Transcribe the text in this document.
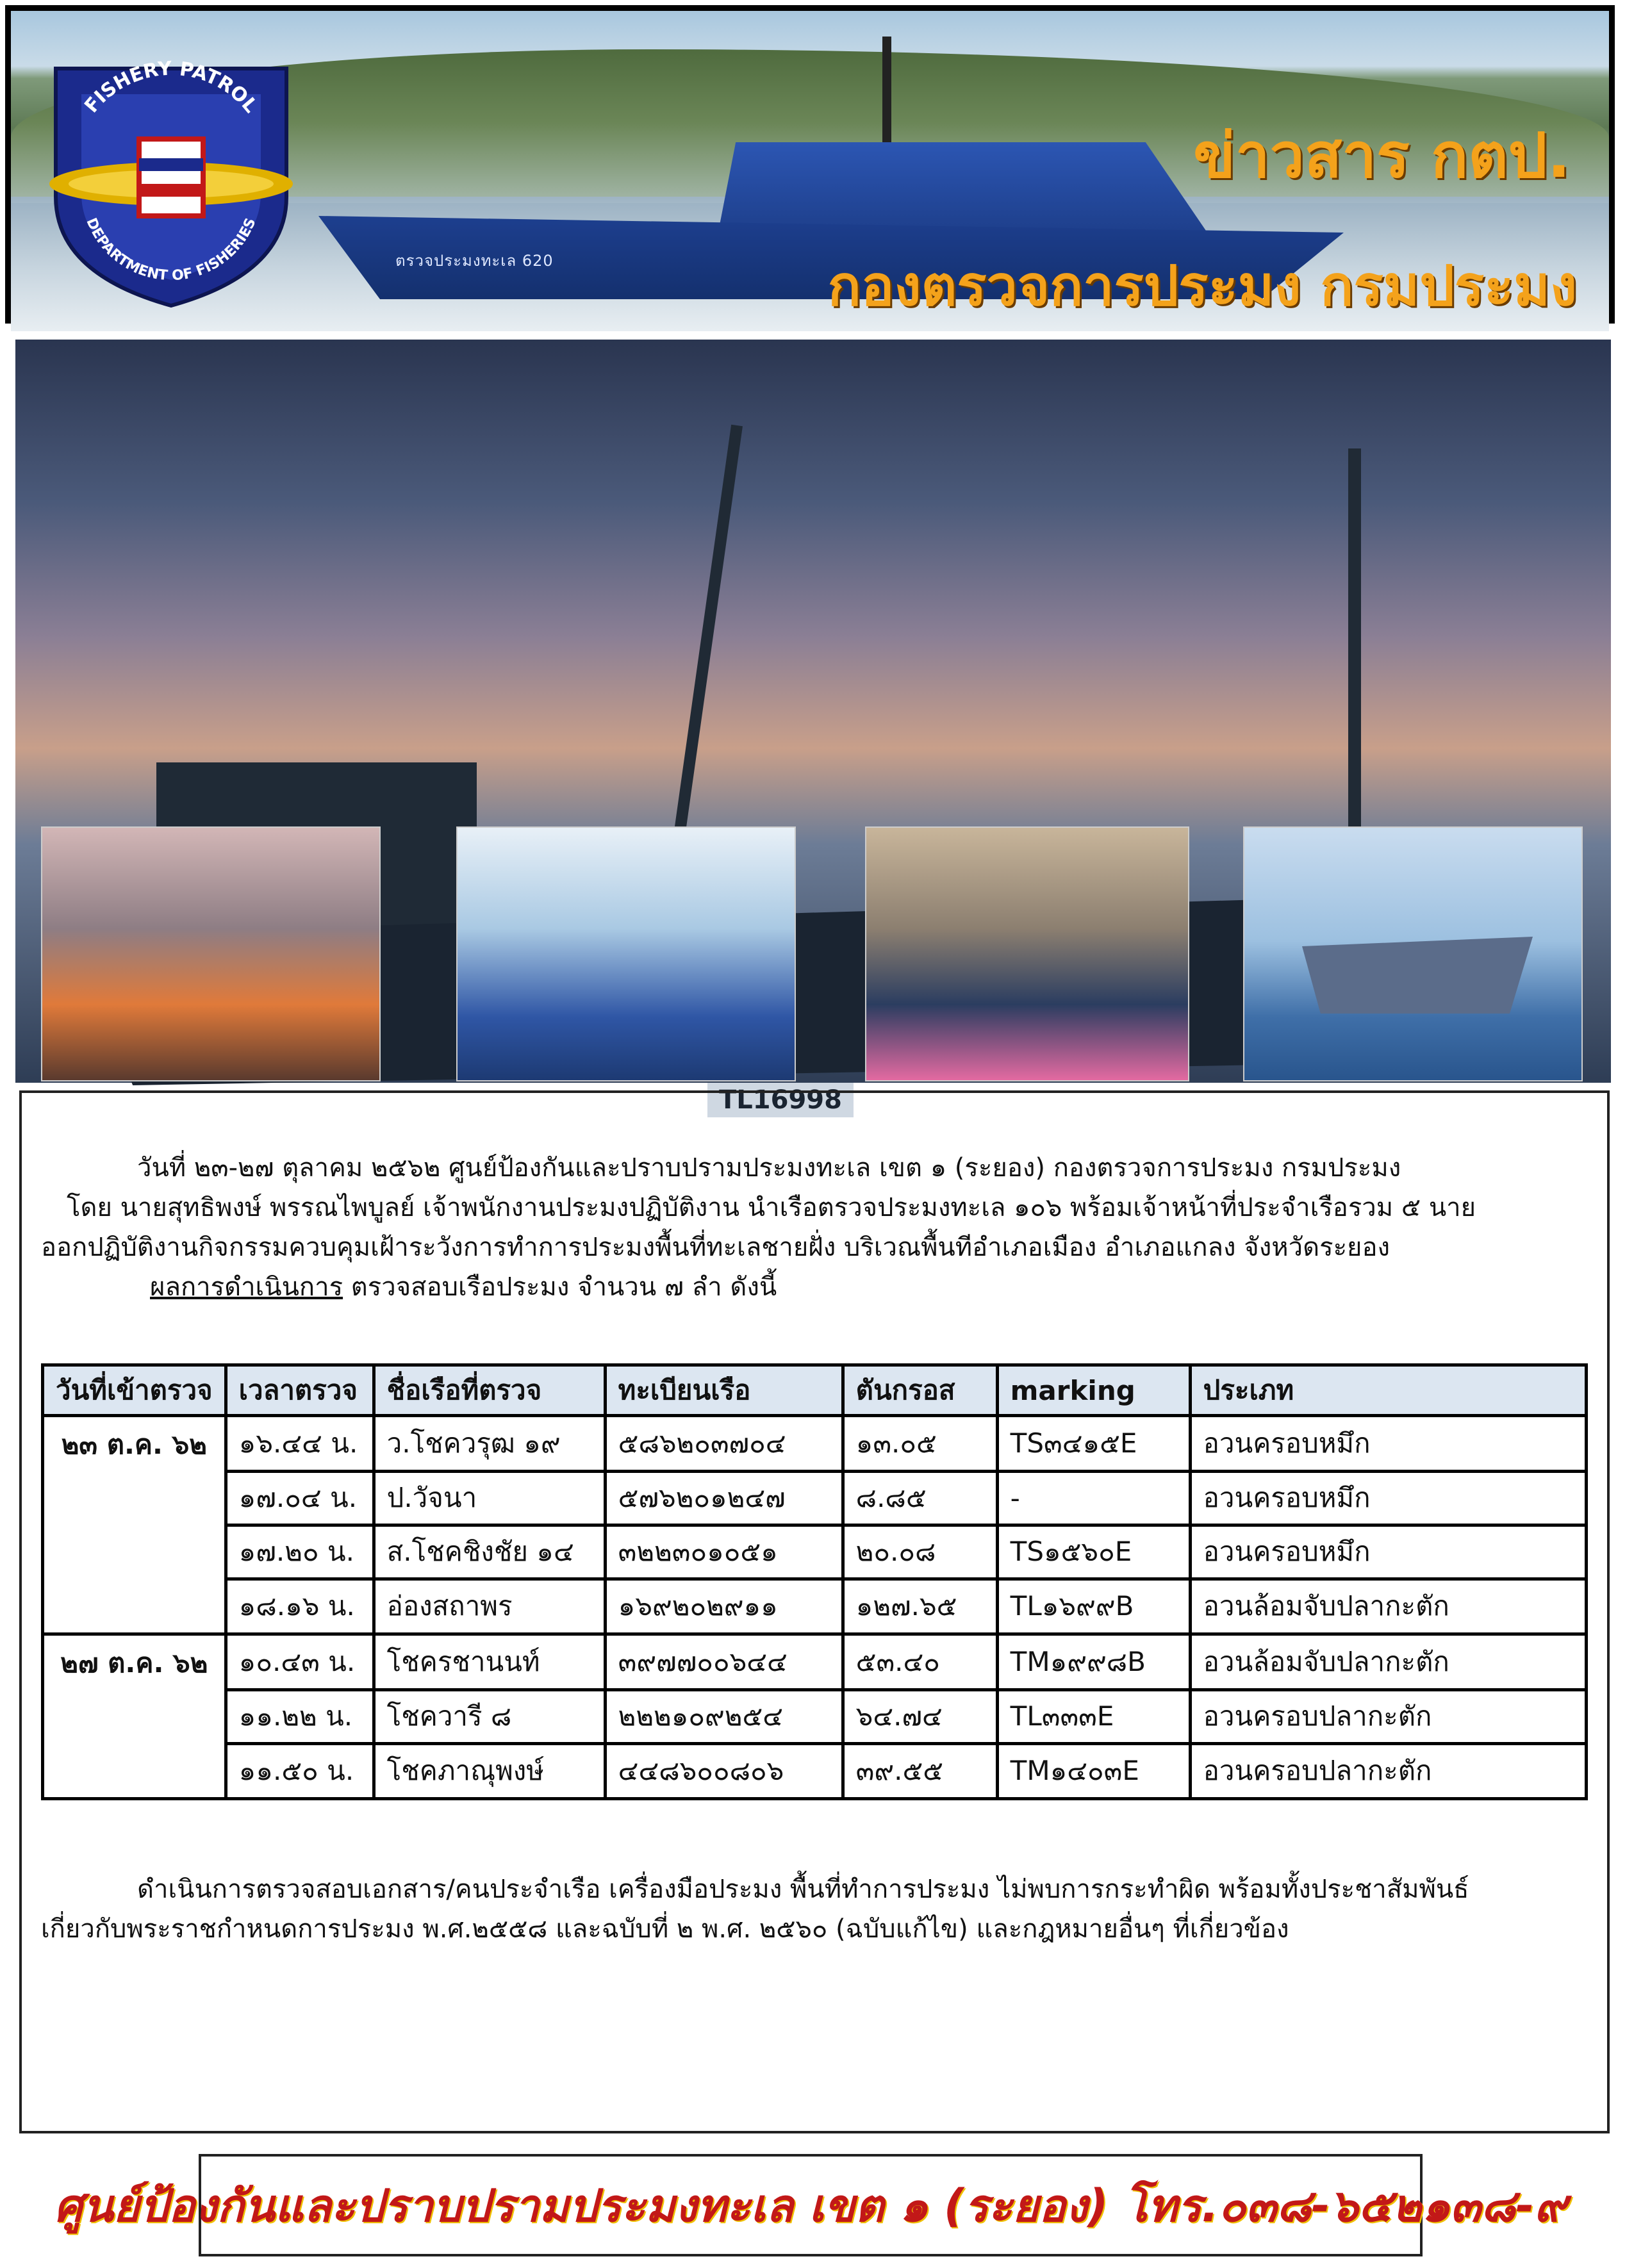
ตรวจประมงทะเล 620
FISHERY PATROL
DEPARTMENT OF FISHERIES
ข่าวสาร กตป.
กองตรวจการประมง กรมประมง
TL16998
วันที่ ๒๓-๒๗ ตุลาคม ๒๕๖๒ ศูนย์ป้องกันและปราบปรามประมงทะเล เขต ๑ (ระยอง) กองตรวจการประมง กรมประมง
โดย นายสุทธิพงษ์ พรรณไพบูลย์ เจ้าพนักงานประมงปฏิบัติงาน นำเรือตรวจประมงทะเล ๑๐๖ พร้อมเจ้าหน้าที่ประจำเรือรวม ๕ นาย
ออกปฏิบัติงานกิจกรรมควบคุมเฝ้าระวังการทำการประมงพื้นที่ทะเลชายฝั่ง บริเวณพื้นทีอำเภอเมือง อำเภอแกลง จังหวัดระยอง
ผลการดำเนินการ ตรวจสอบเรือประมง จำนวน ๗ ลำ ดังนี้
วันที่เข้าตรวจ	เวลาตรวจ	ชื่อเรือที่ตรวจ	ทะเบียนเรือ	ตันกรอส	marking	ประเภท
๒๓ ต.ค. ๖๒	๑๖.๔๔ น.	ว.โชควรุฒ ๑๙	๕๘๖๒๐๓๗๐๔	๑๓.๐๕	TS๓๔๑๕E	อวนครอบหมึก
	๑๗.๐๔ น.	ป.วัจนา	๕๗๖๒๐๑๒๔๗	๘.๘๕	-	อวนครอบหมึก
	๑๗.๒๐ น.	ส.โชคชิงชัย ๑๔	๓๒๒๓๐๑๐๕๑	๒๐.๐๘	TS๑๕๖๐E	อวนครอบหมึก
	๑๘.๑๖ น.	อ่องสถาพร	๑๖๙๒๐๒๙๑๑	๑๒๗.๖๕	TL๑๖๙๙B	อวนล้อมจับปลากะตัก
๒๗ ต.ค. ๖๒	๑๐.๔๓ น.	โชครชานนท์	๓๙๗๗๐๐๖๔๔	๕๓.๔๐	TM๑๙๙๘B	อวนล้อมจับปลากะตัก
	๑๑.๒๒ น.	โชควารี ๘	๒๒๒๑๐๙๒๕๔	๖๔.๗๔	TL๓๓๓E	อวนครอบปลากะตัก
	๑๑.๕๐ น.	โชคภาณุพงษ์	๔๔๘๖๐๐๘๐๖	๓๙.๕๕	TM๑๔๐๓E	อวนครอบปลากะตัก
ดำเนินการตรวจสอบเอกสาร/คนประจำเรือ เครื่องมือประมง พื้นที่ทำการประมง ไม่พบการกระทำผิด พร้อมทั้งประชาสัมพันธ์
เกี่ยวกับพระราชกำหนดการประมง พ.ศ.๒๕๕๘ และฉบับที่ ๒ พ.ศ. ๒๕๖๐ (ฉบับแก้ไข) และกฎหมายอื่นๆ ที่เกี่ยวข้อง
ศูนย์ป้องกันและปราบปรามประมงทะเล เขต ๑ (ระยอง) โทร.๐๓๘-๖๕๒๑๓๘-๙
